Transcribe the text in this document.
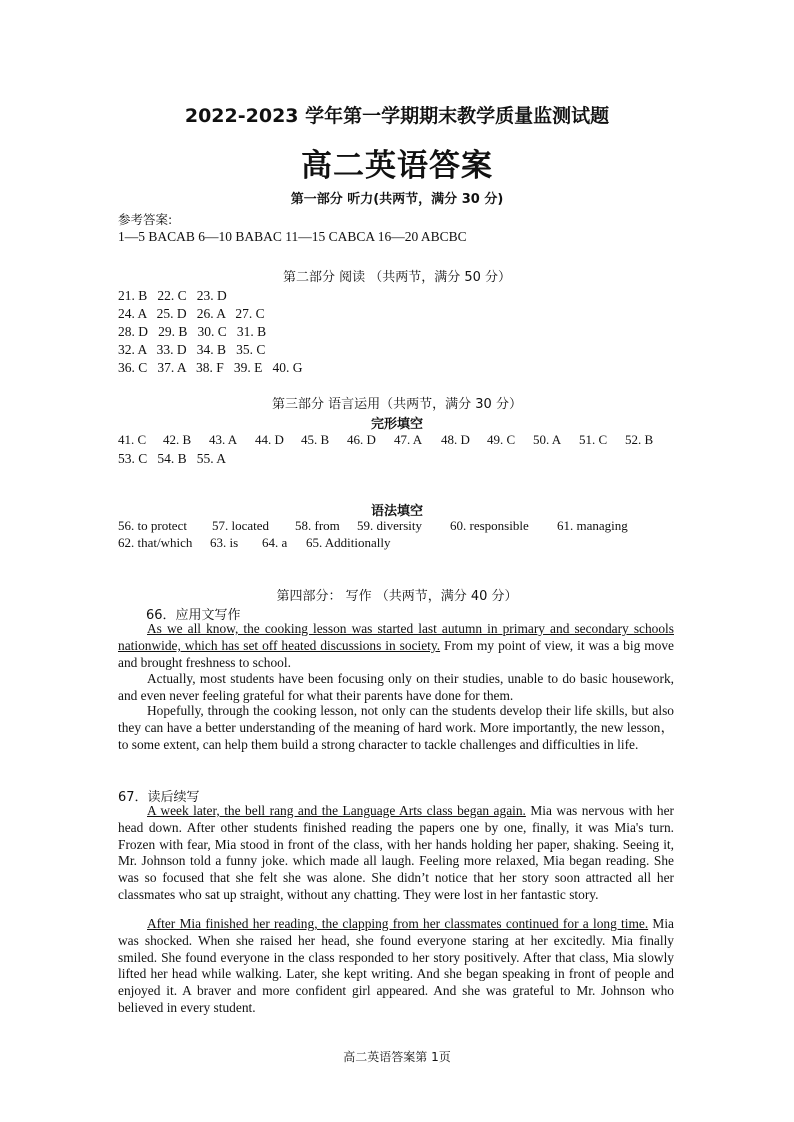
2022-2023 学年第一学期期末教学质量监测试题
高二英语答案
第一部分 听力(共两节，满分 30 分)
参考答案:
1—5 BACAB 6—10 BABAC 11—15 CABCA 16—20 ABCBC
第二部分 阅读 （共两节，满分 50 分）
21. B   22. C   23. D
24. A   25. D   26. A   27. C
28. D   29. B   30. C   31. B
32. A   33. D   34. B   35. C
36. C   37. A   38. F   39. E   40. G
第三部分 语言运用（共两节，满分 30 分）
完形填空
41. C	42. B	43. A	44. D	45. B	46. D	47. A	48. D	49. C	50. A	51. C	52. B
53. C   54. B   55. A
语法填空
56. to protect	57. located	58. from	59. diversity	60. responsible	61. managing
62. that/which	63. is	64. a	65. Additionally
第四部分： 写作 （共两节，满分 40 分）
66．应用文写作

As we all know, the cooking lesson was started last autumn in primary and secondary schools nationwide, which has set off heated discussions in society. From my point of view, it was a big move and brought freshness to school.

Actually, most students have been focusing only on their studies, unable to do basic housework, and even never feeling grateful for what their parents have done for them.

Hopefully, through the cooking lesson, not only can the students develop their life skills, but also they can have a better understanding of the meaning of hard work. More importantly, the new lesson，to some extent, can help them build a strong character to tackle challenges and difficulties in life.

67．读后续写

A week later, the bell rang and the Language Arts class began again. Mia was nervous with her head down. After other students finished reading the papers one by one, finally, it was Mia's turn. Frozen with fear, Mia stood in front of the class, with her hands holding her paper, shaking. Seeing it, Mr. Johnson told a funny joke. which made all laugh. Feeling more relaxed, Mia began reading. She was so focused that she felt she was alone. She didn’t notice that her story soon attracted all her classmates who sat up straight, without any chatting. They were lost in her fantastic story.

After Mia finished her reading, the clapping from her classmates continued for a long time. Mia was shocked. When she raised her head, she found everyone staring at her excitedly. Mia finally smiled. She found everyone in the class responded to her story positively. After that class, Mia slowly lifted her head while walking. Later, she kept writing. And she began speaking in front of people and enjoyed it. A braver and more confident girl appeared. And she was grateful to Mr. Johnson who believed in every student.

高二英语答案第 1页
